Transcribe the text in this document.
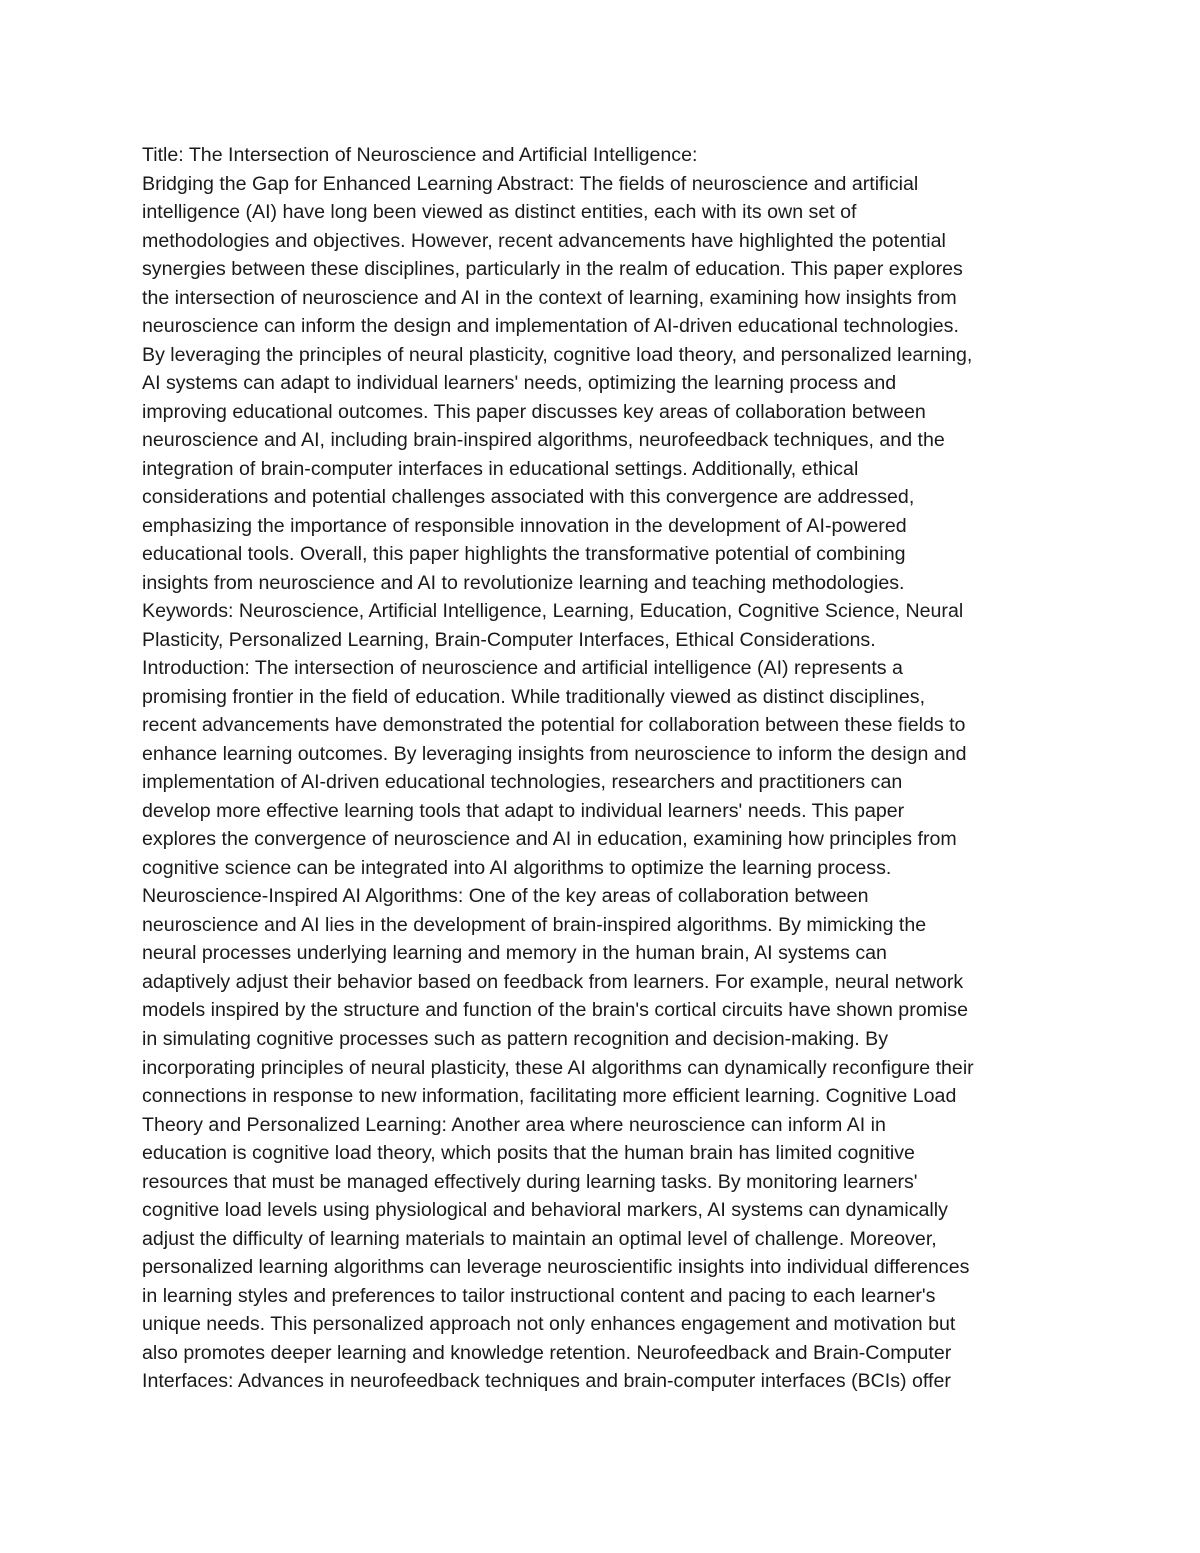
Title: The Intersection of Neuroscience and Artificial Intelligence:
Bridging the Gap for Enhanced Learning Abstract: The fields of neuroscience and artificial
intelligence (AI) have long been viewed as distinct entities, each with its own set of
methodologies and objectives. However, recent advancements have highlighted the potential
synergies between these disciplines, particularly in the realm of education. This paper explores
the intersection of neuroscience and AI in the context of learning, examining how insights from
neuroscience can inform the design and implementation of AI-driven educational technologies.
By leveraging the principles of neural plasticity, cognitive load theory, and personalized learning,
AI systems can adapt to individual learners' needs, optimizing the learning process and
improving educational outcomes. This paper discusses key areas of collaboration between
neuroscience and AI, including brain-inspired algorithms, neurofeedback techniques, and the
integration of brain-computer interfaces in educational settings. Additionally, ethical
considerations and potential challenges associated with this convergence are addressed,
emphasizing the importance of responsible innovation in the development of AI-powered
educational tools. Overall, this paper highlights the transformative potential of combining
insights from neuroscience and AI to revolutionize learning and teaching methodologies.
Keywords: Neuroscience, Artificial Intelligence, Learning, Education, Cognitive Science, Neural
Plasticity, Personalized Learning, Brain-Computer Interfaces, Ethical Considerations.
Introduction: The intersection of neuroscience and artificial intelligence (AI) represents a
promising frontier in the field of education. While traditionally viewed as distinct disciplines,
recent advancements have demonstrated the potential for collaboration between these fields to
enhance learning outcomes. By leveraging insights from neuroscience to inform the design and
implementation of AI-driven educational technologies, researchers and practitioners can
develop more effective learning tools that adapt to individual learners' needs. This paper
explores the convergence of neuroscience and AI in education, examining how principles from
cognitive science can be integrated into AI algorithms to optimize the learning process.
Neuroscience-Inspired AI Algorithms: One of the key areas of collaboration between
neuroscience and AI lies in the development of brain-inspired algorithms. By mimicking the
neural processes underlying learning and memory in the human brain, AI systems can
adaptively adjust their behavior based on feedback from learners. For example, neural network
models inspired by the structure and function of the brain's cortical circuits have shown promise
in simulating cognitive processes such as pattern recognition and decision-making. By
incorporating principles of neural plasticity, these AI algorithms can dynamically reconfigure their
connections in response to new information, facilitating more efficient learning. Cognitive Load
Theory and Personalized Learning: Another area where neuroscience can inform AI in
education is cognitive load theory, which posits that the human brain has limited cognitive
resources that must be managed effectively during learning tasks. By monitoring learners'
cognitive load levels using physiological and behavioral markers, AI systems can dynamically
adjust the difficulty of learning materials to maintain an optimal level of challenge. Moreover,
personalized learning algorithms can leverage neuroscientific insights into individual differences
in learning styles and preferences to tailor instructional content and pacing to each learner's
unique needs. This personalized approach not only enhances engagement and motivation but
also promotes deeper learning and knowledge retention. Neurofeedback and Brain-Computer
Interfaces: Advances in neurofeedback techniques and brain-computer interfaces (BCIs) offer
